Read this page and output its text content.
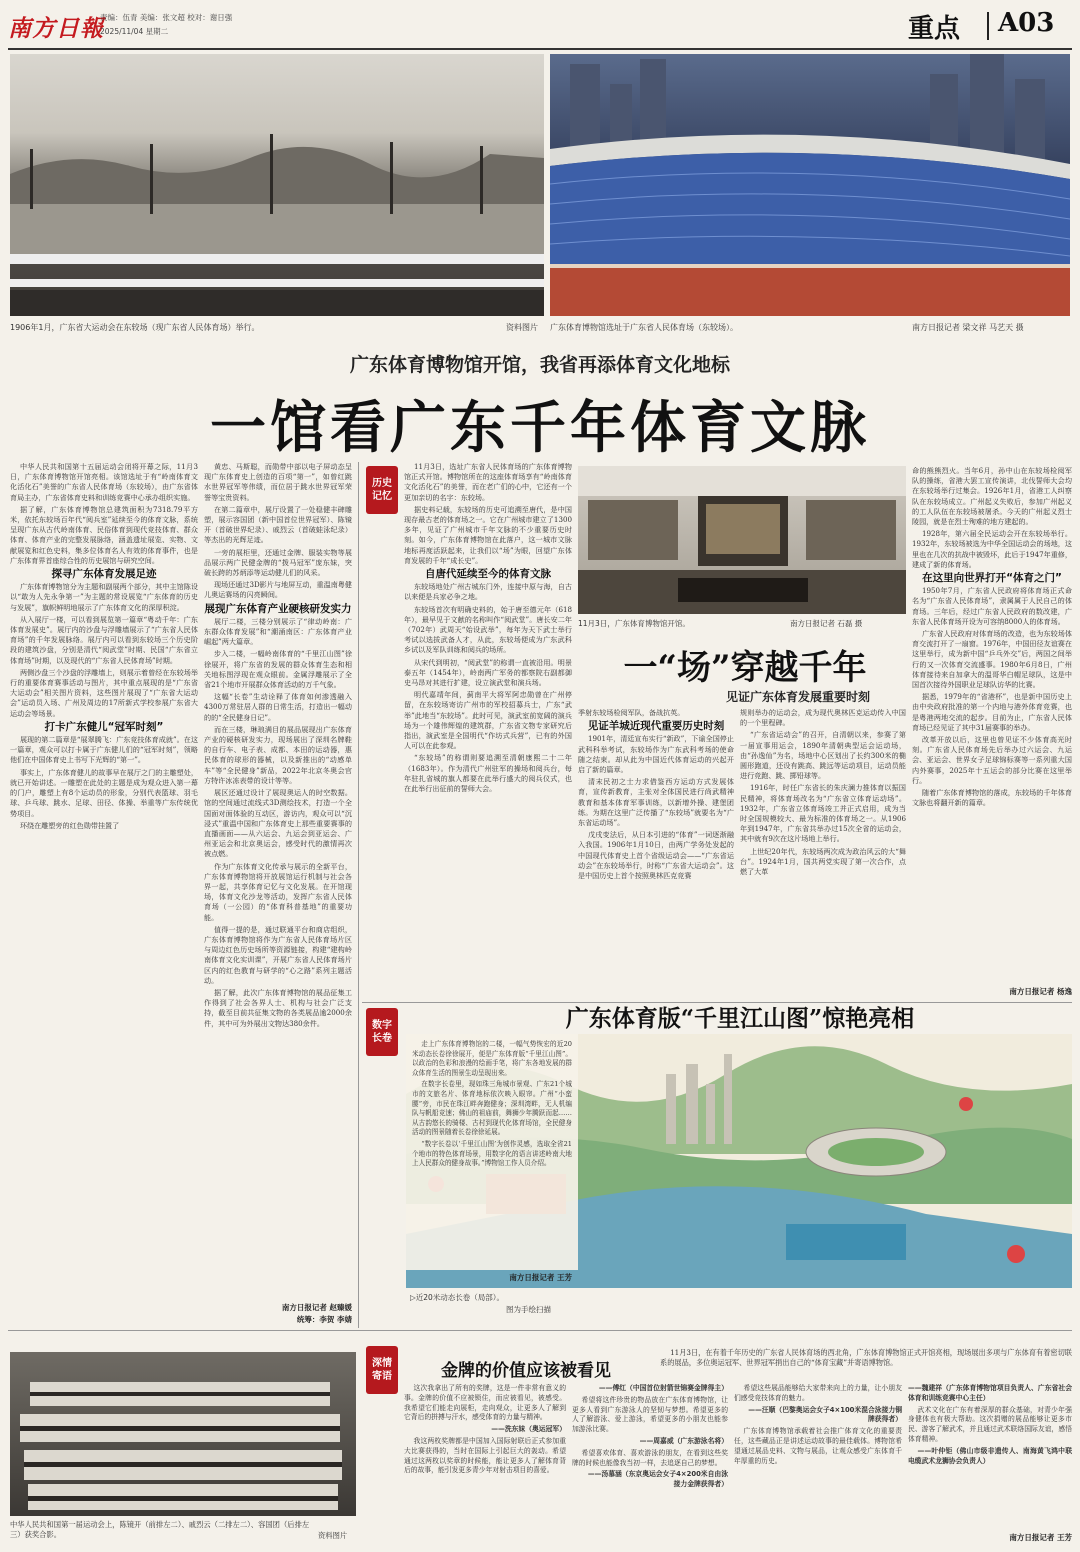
南方日報
责编：伍青 美编：张文超 校对：谢日强
2025/11/04 星期二	重点 A03
1906年1月，广东省大运动会在东较场（现广东省人民体育场）举行。	资料图片 广东体育博物馆选址于广东省人民体育场（东较场）。	南方日报记者 梁文祥 马艺天 摄
广东体育博物馆开馆，我省再添体育文化地标
一馆看广东千年体育文脉

中华人民共和国第十五届运动会闭将开幕之际，11月3日，广东体育博物馆开馆亮相。该馆选址于有“岭南体育文化活化石”美誉的广东省人民体育场（东较场），由广东省体育局主办，广东省体育史料和训练竞赛中心承办组织实施。

据了解，广东体育博物馆总建筑面积为7318.79平方米，依托东较场百年代“阅兵室”延续至今的体育文脉，系统呈现广东从古代岭南体育、民俗体育到现代竞技体育、群众体育、体育产业的完整发展脉络，涵盖遗址展览、实物、文献展览和红色史料，集多位体育名人有效的体育事件，也是广东体育界首座综合性的历史展馆与研究空间。

探寻广东体育发展足迹

广东体育博物馆分为主题和副展两个部分，其中主馆陈设以“敢为人先永争第一”为主题的常设展览“广东体育的历史与发展”，旗帜鲜明地展示了广东体育文化的深厚积淀。

从入展厅一楼，可以看到展览第一篇章“粤动千年：广东体育发展史”。展厅内的沙盘与浮雕墙展示了“广东省人民体育场”的千年发展脉络。展厅内可以看到东较场三个历史阶段的建筑沙盘，分别是清代“阅武堂”时期、民国“广东省立体育场”时期，以及现代的“广东省人民体育场”时期。

两侧沙盘三个沙盘的浮雕墙上，则展示着曾经在东较场举行的重要体育赛事活动与图片，其中重点展现的是“广东省大运动会”相关图片资料，这些图片展现了“广东省大运动会”运动员入场、广州及周边的17所新式学校参展广东省大运动会等场景。

打卡广东健儿“冠军时刻”

展现的第二篇章是“展翠腾飞：广东竞技体育成就”。在这一篇章，观众可以打卡属于广东健儿们的“冠军时刻”，领略他们在中国体育史上书写下光辉的“第一”。

事实上，广东体育健儿的故事早在展厅之门的主雕塑处，就已开始讲述。一雕塑在此处的主题是成为观众进入第一幕的门户，雕塑上有8个运动员的形象，分别代表篮球、羽毛球、乒乓球、跳水、足球、田径、体操、举重等广东传统优势项目。

环绕在雕塑旁的红色勋带挂置了

黄忠、马斯聪，而勋带中部以电子屏动态呈现广东体育史上创造的百项“第一”，如曾红跳水世界冠军等伟绩，而位居于跳水世界冠军荣誉等宝贵资料。

在第二篇章中，展厅设置了一处稳健丰碑雕塑，展示容国团（新中国首位世界冠军）、陈镜开（首破世界纪录）、戚烈云（首破蛙泳纪录）等杰出的光辉足迹。

一旁的展柜里，还通过金牌、服装实物等展品展示两广民健金牌的“拨马冠军”庞东妹，突破长跨的苏炳添等运动健儿们的风采。

现场还通过3D影片与地屏互动，重温南粤健儿奥运赛场的闪亮瞬间。

展现广东体育产业硬核研发实力

展厅二楼，三楼分别展示了“律动岭南：广东群众体育发展”和“潮涌南区：广东体育产业崛起”两大篇章。

步入二楼，一幅岭南体育的“千里江山图”徐徐展开，将广东省的发展的群众体育生态和相关地标图浮现在观众眼前。金属浮雕展示了全省21个地市开展群众体育活动的万千气象。

这幅“长卷”生动诠释了体育如何渗透融入4300万常驻居人群的日常生活，打造出一幅动的的“全民健身日记”。

而在三楼，琳琅满目的展品展现出广东体育产业的硬核研发实力，现场展出了深圳名牌鞋的自行车、电子表、成都、本田的运动器，惠民体育的球形的器械，以及新推出的“动感单车”等“全民健身”新品，2022年北京冬奥会官方特许冰冻表带的设计等等。

展区还通过设计了展现奥运人的时空数据。馆的空间通过流线式3D测绘技术，打造一个全国面对面体验的互动区，游访内，观众可以“沉浸式”重温中国和广东体育史上那些重要赛事的直播画面——从六运会、九运会到亚运会、广州亚运会和北京奥运会，感受时代的激情再次被点燃。

作为广东体育文化传承与展示的全新平台，广东体育博物馆将开放展馆运行机制与社会各界一起，共享体育记忆与文化发展。在开馆现场，体育文化沙龙等活动，发挥广东省人民体育场（一公园）的“体育科普基地”的重要功能。

值得一提的是，通过联通平台和商店组织，广东体育博物馆将作为广东省人民体育场片区与周边红色历史场所等资源链接，构建“建构岭南体育文化实训课”，开展广东省人民体育场片区内的红色教育与研学的“心之路”系列主题活动。

据了解，此次广东体育博物馆的展品征集工作得到了社会各界人士、机构与社会广泛支持，截至目前共征集文物的各类展品逾2000余件，其中可为外展出文物达380余件。

南方日报记者 赵臻媛
统筹：李贺 李婧
历史记忆

11月3日，选址广东省人民体育场的广东体育博物馆正式开馆。博物馆所在的这座体育场享有“岭南体育文化活化石”的美誉，而在老广们的心中，它还有一个更加亲切的名字：东较场。

据史料记载，东较场的历史可追溯至唐代，是中国现存最古老的体育场之一。它在广州城市建立了1300多年，见证了广州城市千年文脉的不少重要历史时刻。如今，广东体育博物馆在此落户，这一城市文脉地标再度活跃起来，让我们以“场”为眼，回望广东体育发展的千年“成长史”。

自唐代延续至今的体育文脉

东较场地处广州古城东门外，连接中原与海，自古以来便是兵家必争之地。

东较场首次有明确史料的，始于唐至德元年（618年），最早见于文献的名称叫作“阅武堂”。唐长安二年（702年）武周天“始设武举”，每年为天下武士举行考试以选拔武备人才，从此，东较场便成为广东武科乡试以及军队训练和阅兵的场所。

从宋代到明初，“阅武堂”的称谓一直被沿用。明景泰五年（1454年），岭南两广军务的都察院右副都御史马昂对其进行扩建，设立演武堂和演兵场。

明代嘉靖年间，蓟南平大将军阿忠勋曾在广州停留，在东较场寄访广州市的军校招募兵士，广东“武举”此地当“东较场”。此时可见，演武室前宽阔的演兵场为一个雄伟辉煌的建筑群，广东省文物专家研究后指出，演武室是全国明代“作坊式兵营”，已有的外国人可以在此参观。

“东较场”的称谓则要追溯至清朝康熙二十二年（1683年）。作为清代广州驻军的操场和阅兵台，每年驻扎省城的旗人都要在此举行盛大的阅兵仪式，也在此举行出征前的誓师大会。

11月3日，广东体育博物馆开馆。	南方日报记者 石磊 摄
一“场”穿越千年
见证广东体育发展重要时刻

季射东较场检阅军队，备战抗英。

见证羊城近现代重要历史时刻

1901年，清廷宣布实行“新政”，下谕全国停止武科科举考试，东较场作为广东武科考场的使命随之结束。却从此为中国近代体育运动的兴起开启了新的篇章。

清末民初之士力求借鉴西方运动方式发展体育，宣传新教育，主张对全体国民进行尚武精神教育和基本体育军事训练，以新增外操、建堡团练。为期在这里广泛传播了“东较场”就要名为“广东省运动场”。

戊戌变法后，从日本引进的“体育”一词逐渐融入我国。1906年1月10日，由两广学务处发起的中国现代体育史上首个省级运动会——“广东省运动会”在东较场举行，时称“广东省大运动会”。这是中国历史上首个按照奥林匹克竞赛

规则举办的运动会，成为现代奥林匹克运动传入中国的一个里程碑。

“广东省运动会”的召开，自清朝以来，参赛了第一届宣事用运会，1890年清朝典型运会运动场，由“孙逸仙”为名，场地中心区划出了长约300米的椭圆形跑道，还设有跳高、跳远等运动项目，运动员能进行竞跑、跳、掷铅球等。

1916年，时任广东省长的朱庆澜力推体育以振国民精神，将体育场改名为“广东省立体育运动场”。1932年，广东省立体育场竣工并正式启用，成为当时全国规模较大、最为标准的体育场之一。从1906年到1947年，广东省共举办过15次全省的运动会，其中就有9次在这片场地上举行。

上世纪20年代，东较场两次成为政治风云的大“舞台”。1924年1月，国共两党实现了第一次合作，点燃了大革

命的熊熊烈火。当年6月，孙中山在东较场检阅军队的操练，省港大罢工宣传演讲，北伐誓师大会均在东较场举行过集会。1926年1月，省港工人纠察队在东较场成立。广州起义失败后，参加广州起义的工人队伍在东较场被屠杀。今天的广州起义烈士陵园，就是在烈士殉难的地方建起的。

1928年，第六届全民运动会开在东较场举行。1932年，东较场被选为中华全国运动会的场地，这里也在几次的抗战中被毁坏，此后于1947年重修，建成了新的体育场。

在这里向世界打开“体育之门”

1950年7月，广东省人民政府将体育场正式命名为“广东省人民体育场”，隶属属于人民自己的体育场。三年后，经过广东省人民政府的数改建，广东省人民体育场开设为可容纳8000人的体育场。

广东省人民政府对体育场的改造，也为东较场体育交流打开了一扇窗。1976年，中国田径友谊赛在这里举行，成为新中国“乒乓外交”后，两国之间举行的又一次体育交流盛事。1980年6月8日，广州体育接待来自加拿大的温哥华白帽足球队，这是中国首次接待外国职业足球队访华的比赛。

据悉，1979年的“省港杯”，也是新中国历史上由中央政府批准的第一个内地与港外体育竞赛，也是粤港两地交流的起步。目前为止，广东省人民体育场已经见证了其中31届赛事的举办。

改革开放以后，这里也曾见证不少体育高光时刻。广东省人民体育场先后举办过六运会、九运会、亚运会、世界女子足球锦标赛等一系列重大国内外赛事，2025年十五运会的部分比赛在这里举行。

随着广东体育博物馆的落成，东较场的千年体育文脉也将翻开新的篇章。

南方日报记者 杨逸
数字长卷
广东体育版“千里江山图”惊艳亮相

走上广东体育博物馆的二楼，一幅气势恢宏的近20米动态长卷徐徐展开，便是广东体育版“千里江山图”。以政治的色彩和浪漫的绘画手笔，将广东各地发展的群众体育生活的图景生动呈现出来。

在数字长卷里，现如珠三角城市景观、广东21个城市的文旅名片、体育地标依次映入眼帘。广州“小蛮腰”旁，市民在珠江畔奔跑健身；深圳湾畔，无人机编队与帆船竞速；佛山的祖庙前，舞狮少年腾跃而起……从古韵悠长的骑楼、古村到现代化体育场馆，全民健身活动的图景随着长卷徐徐延展。

“数字长卷以‘千里江山图’为创作灵感，选取全省21个地市的特色体育场景，用数字化的语言讲述岭南大地上人民群众的健身故事。”博物馆工作人员介绍。

南方日报记者 王芳
▷近20米动态长卷（局部）。
图为手绘扫描
中华人民共和国第一届运动会上，陈镜开（前排左二）、戚烈云（二排左二）、容国团（后排左三）获奖合影。	资料图片
深情寄语	金牌的价值应该被看见
11月3日，在有着千年历史的广东省人民体育场的西北角，广东体育博物馆正式开馆亮相，现场展出多项与广东体育有着密切联系的展品，多位奥运冠军、世界冠军捐出自己的“体育宝藏”并寄语博物馆。

这次我拿出了所有的奖牌，这是一件非常有意义的事。金牌的价值不应被锁住，而应被看见，被感受。我希望它们能走向展柜，走向观众，让更多人了解到它背后的拼搏与汗水，感受体育的力量与精神。

——洗东妹（奥运冠军）

我这两枚奖牌都是中国加入国际射联后正式参加重大比赛获得的，当时在国际上引起巨大的轰动。希望通过这两枚以奖章的时候能，能让更多人了解体育背后的故事，能引发更多青少年对射击项目的喜爱。

——傅红（中国首位射箭世锦赛金牌得主）

希望将这件珍贵的物品放在广东体育博物馆，让更多人看到广东游泳人的坚韧与梦想。希望更多的人了解游泳、爱上游泳，希望更多的小朋友也能参加游泳比赛。

——周嘉威（广东游泳名将）

希望喜欢体育、喜欢游泳的朋友，在看到这些奖牌的时候也能像我当初一样，去追逐自己的梦想。

——汤慕涵（东京奥运会女子4×200米自由泳接力金牌获得者）

希望这些展品能够给大家带来向上的力量，让小朋友们感受竞技体育的魅力。

——汪顺（巴黎奥运会女子4×100米混合泳接力铜牌获得者）

广东体育博物馆承载着社会推广体育文化的重要责任，这些藏品正是讲述运动故事的最佳载体。博物馆希望通过展品史料、文物与展品，让观众感受广东体育千年厚重的历史。

——魏建祥（广东体育博物馆项目负责人、广东省社会体育和训练竞赛中心主任）

武术文化在广东有着深厚的群众基础，对青少年强身健体也有极大帮助。这次捐赠的展品能够让更多市民、游客了解武术，并且通过武术联络国际友谊，感悟体育精神。

——叶仲钜（佛山市级非遗传人、南海黄飞鸿中联电缆武术龙狮协会负责人）

南方日报记者 王芳
